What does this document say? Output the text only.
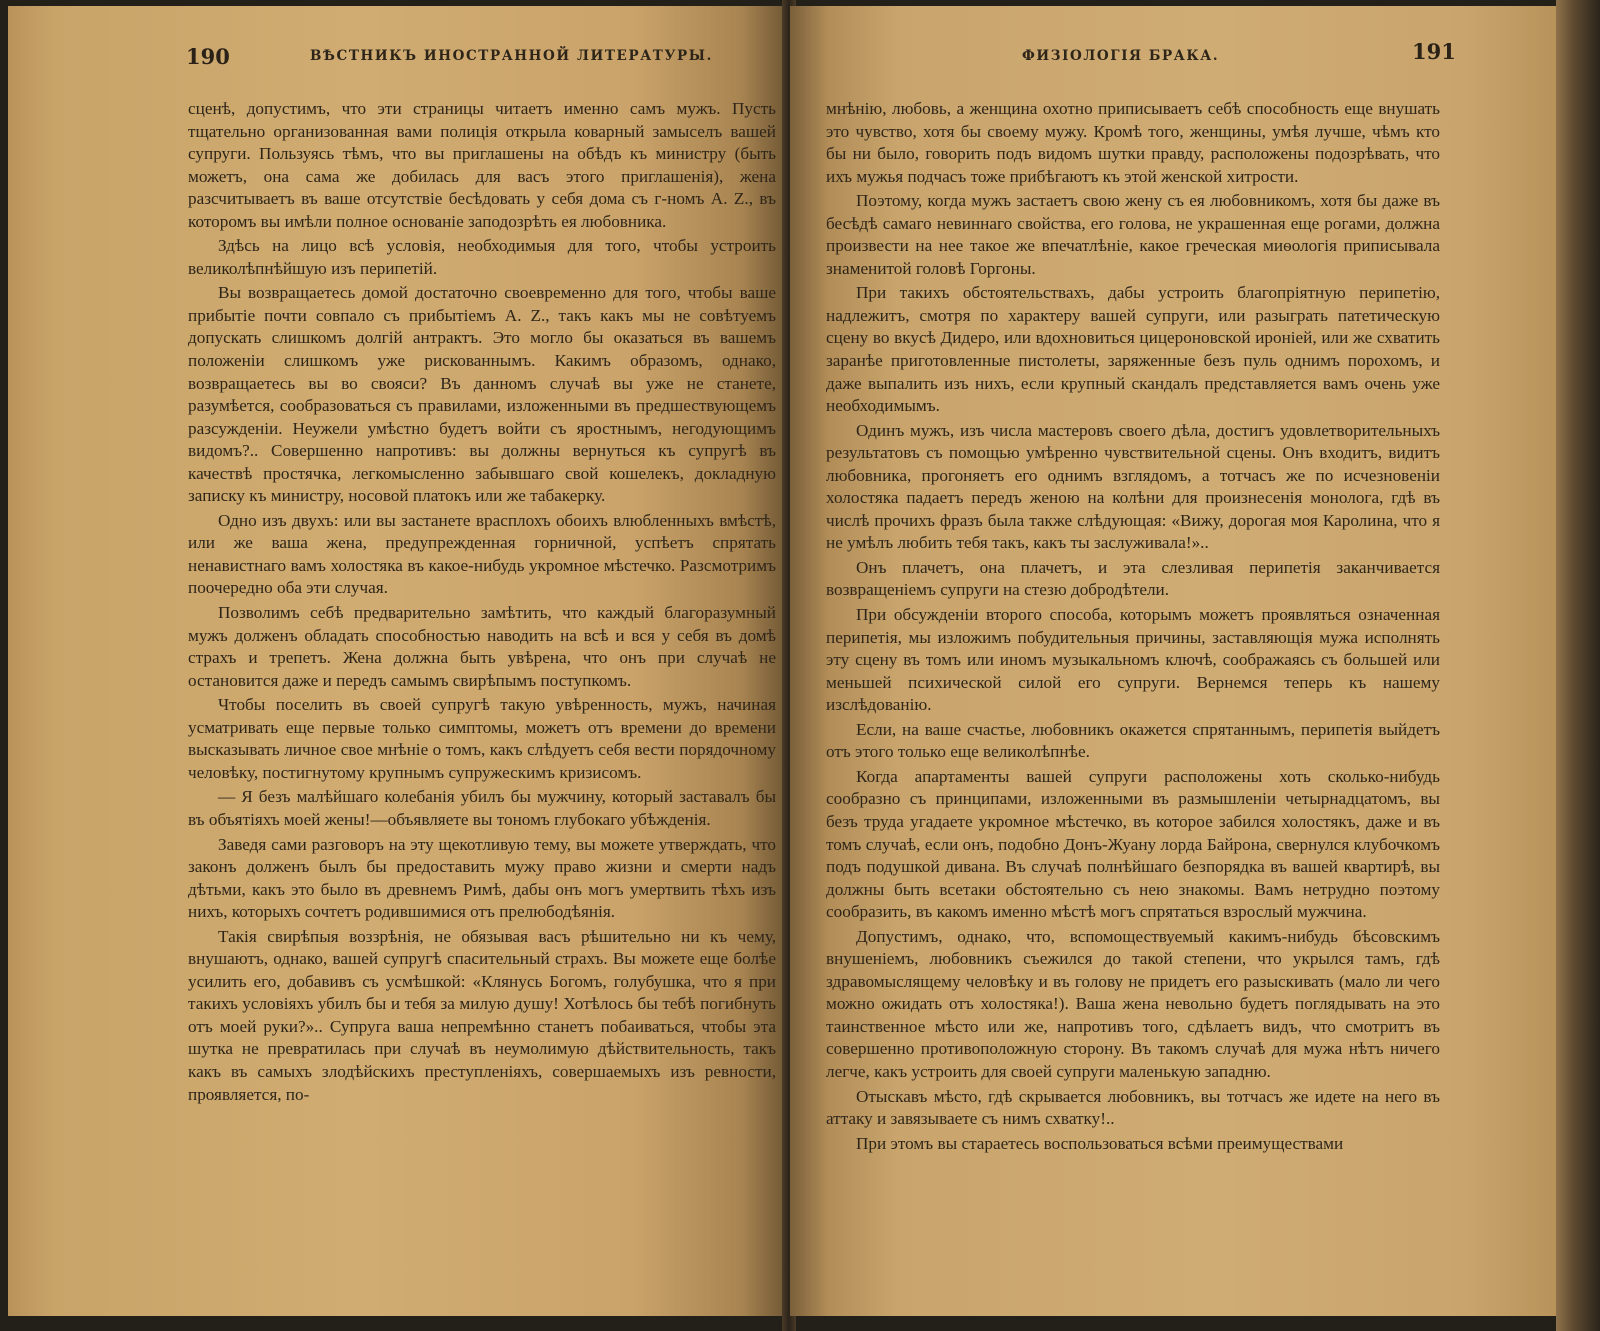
190	ВѢСТНИКЪ ИНОСТРАННОЙ ЛИТЕРАТУРЫ.

сценѣ, допустимъ, что эти страницы читаетъ именно самъ мужъ. Пусть тщательно организованная вами полиція открыла коварный замыселъ вашей супруги. Пользуясь тѣмъ, что вы приглашены на обѣдъ къ министру (быть можетъ, она сама же добилась для васъ этого приглашенія), жена разсчитываетъ въ ваше отсутствіе бесѣдовать у себя дома съ г-номъ A. Z., въ которомъ вы имѣли полное основаніе заподозрѣть ея любовника.

Здѣсь на лицо всѣ условія, необходимыя для того, чтобы устроить великолѣпнѣйшую изъ перипетій.

Вы возвращаетесь домой достаточно своевременно для того, чтобы ваше прибытіе почти совпало съ прибытіемъ A. Z., такъ какъ мы не совѣтуемъ допускать слишкомъ долгій антрактъ. Это могло бы оказаться въ вашемъ положеніи слишкомъ уже рискованнымъ. Какимъ образомъ, однако, возвращаетесь вы во свояси? Въ данномъ случаѣ вы уже не станете, разумѣется, сообразоваться съ правилами, изложенными въ предшествующемъ разсужденіи. Неужели умѣстно будетъ войти съ яростнымъ, негодующимъ видомъ?.. Совершенно напротивъ: вы должны вернуться къ супругѣ въ качествѣ простячка, легкомысленно забывшаго свой кошелекъ, докладную записку къ министру, носовой платокъ или же табакерку.

Одно изъ двухъ: или вы застанете врасплохъ обоихъ влюбленныхъ вмѣстѣ, или же ваша жена, предупрежденная горничной, успѣетъ спрятать ненавистнаго вамъ холостяка въ какое-нибудь укромное мѣстечко. Разсмотримъ поочередно оба эти случая.

Позволимъ себѣ предварительно замѣтить, что каждый благоразумный мужъ долженъ обладать способностью наводить на всѣ и вся у себя въ домѣ страхъ и трепетъ. Жена должна быть увѣрена, что онъ при случаѣ не остановится даже и передъ самымъ свирѣпымъ поступкомъ.

Чтобы поселить въ своей супругѣ такую увѣренность, мужъ, начиная усматривать еще первые только симптомы, можетъ отъ времени до времени высказывать личное свое мнѣніе о томъ, какъ слѣдуетъ себя вести порядочному человѣку, постигнутому крупнымъ супружескимъ кризисомъ.

— Я безъ малѣйшаго колебанія убилъ бы мужчину, который заставалъ бы въ объятіяхъ моей жены!—объявляете вы тономъ глубокаго убѣжденія.

Заведя сами разговоръ на эту щекотливую тему, вы можете утверждать, что законъ долженъ былъ бы предоставить мужу право жизни и смерти надъ дѣтьми, какъ это было въ древнемъ Римѣ, дабы онъ могъ умертвить тѣхъ изъ нихъ, которыхъ сочтетъ родившимися отъ прелюбодѣянія.

Такія свирѣпыя воззрѣнія, не обязывая васъ рѣшительно ни къ чему, внушаютъ, однако, вашей супругѣ спасительный страхъ. Вы можете еще болѣе усилить его, добавивъ съ усмѣшкой: «Клянусь Богомъ, голубушка, что я при такихъ условіяхъ убилъ бы и тебя за милую душу! Хотѣлось бы тебѣ погибнуть отъ моей руки?».. Супруга ваша непремѣнно станетъ побаиваться, чтобы эта шутка не превратилась при случаѣ въ неумолимую дѣйствительность, такъ какъ въ самыхъ злодѣйскихъ преступленіяхъ, совершаемыхъ изъ ревности, проявляется, по-

ФИЗІОЛОГІЯ БРАКА.	191

мнѣнію, любовь, а женщина охотно приписываетъ себѣ способность еще внушать это чувство, хотя бы своему мужу. Кромѣ того, женщины, умѣя лучше, чѣмъ кто бы ни было, говорить подъ видомъ шутки правду, расположены подозрѣвать, что ихъ мужья подчасъ тоже прибѣгаютъ къ этой женской хитрости.

Поэтому, когда мужъ застаетъ свою жену съ ея любовникомъ, хотя бы даже въ бесѣдѣ самаго невиннаго свойства, его голова, не украшенная еще рогами, должна произвести на нее такое же впечатлѣніе, какое греческая миѳологія приписывала знаменитой головѣ Горгоны.

При такихъ обстоятельствахъ, дабы устроить благопріятную перипетію, надлежитъ, смотря по характеру вашей супруги, или разыграть патетическую сцену во вкусѣ Дидеро, или вдохновиться цицероновской ироніей, или же схватить заранѣе приготовленные пистолеты, заряженные безъ пуль однимъ порохомъ, и даже выпалить изъ нихъ, если крупный скандалъ представляется вамъ очень уже необходимымъ.

Одинъ мужъ, изъ числа мастеровъ своего дѣла, достигъ удовлетворительныхъ результатовъ съ помощью умѣренно чувствительной сцены. Онъ входитъ, видитъ любовника, прогоняетъ его однимъ взглядомъ, а тотчасъ же по исчезновеніи холостяка падаетъ передъ женою на колѣни для произнесенія монолога, гдѣ въ числѣ прочихъ фразъ была также слѣдующая: «Вижу, дорогая моя Каролина, что я не умѣлъ любить тебя такъ, какъ ты заслуживала!»..

Онъ плачетъ, она плачетъ, и эта слезливая перипетія заканчивается возвращеніемъ супруги на стезю добродѣтели.

При обсужденіи второго способа, которымъ можетъ проявляться означенная перипетія, мы изложимъ побудительныя причины, заставляющія мужа исполнять эту сцену въ томъ или иномъ музыкальномъ ключѣ, соображаясь съ большей или меньшей психической силой его супруги. Вернемся теперь къ нашему изслѣдованію.

Если, на ваше счастье, любовникъ окажется спрятаннымъ, перипетія выйдетъ отъ этого только еще великолѣпнѣе.

Когда апартаменты вашей супруги расположены хоть сколько-нибудь сообразно съ принципами, изложенными въ размышленіи четырнадцатомъ, вы безъ труда угадаете укромное мѣстечко, въ которое забился холостякъ, даже и въ томъ случаѣ, если онъ, подобно Донъ-Жуану лорда Байрона, свернулся клубочкомъ подъ подушкой дивана. Въ случаѣ полнѣйшаго безпорядка въ вашей квартирѣ, вы должны быть всетаки обстоятельно съ нею знакомы. Вамъ нетрудно поэтому сообразить, въ какомъ именно мѣстѣ могъ спрятаться взрослый мужчина.

Допустимъ, однако, что, вспомоществуемый какимъ-нибудь бѣсовскимъ внушеніемъ, любовникъ съежился до такой степени, что укрылся тамъ, гдѣ здравомыслящему человѣку и въ голову не придетъ его разыскивать (мало ли чего можно ожидать отъ холостяка!). Ваша жена невольно будетъ поглядывать на это таинственное мѣсто или же, напротивъ того, сдѣлаетъ видъ, что смотритъ въ совершенно противоположную сторону. Въ такомъ случаѣ для мужа нѣтъ ничего легче, какъ устроить для своей супруги маленькую западню.

Отыскавъ мѣсто, гдѣ скрывается любовникъ, вы тотчасъ же идете на него въ аттаку и завязываете съ нимъ схватку!..

При этомъ вы стараетесь воспользоваться всѣми преимуществами
